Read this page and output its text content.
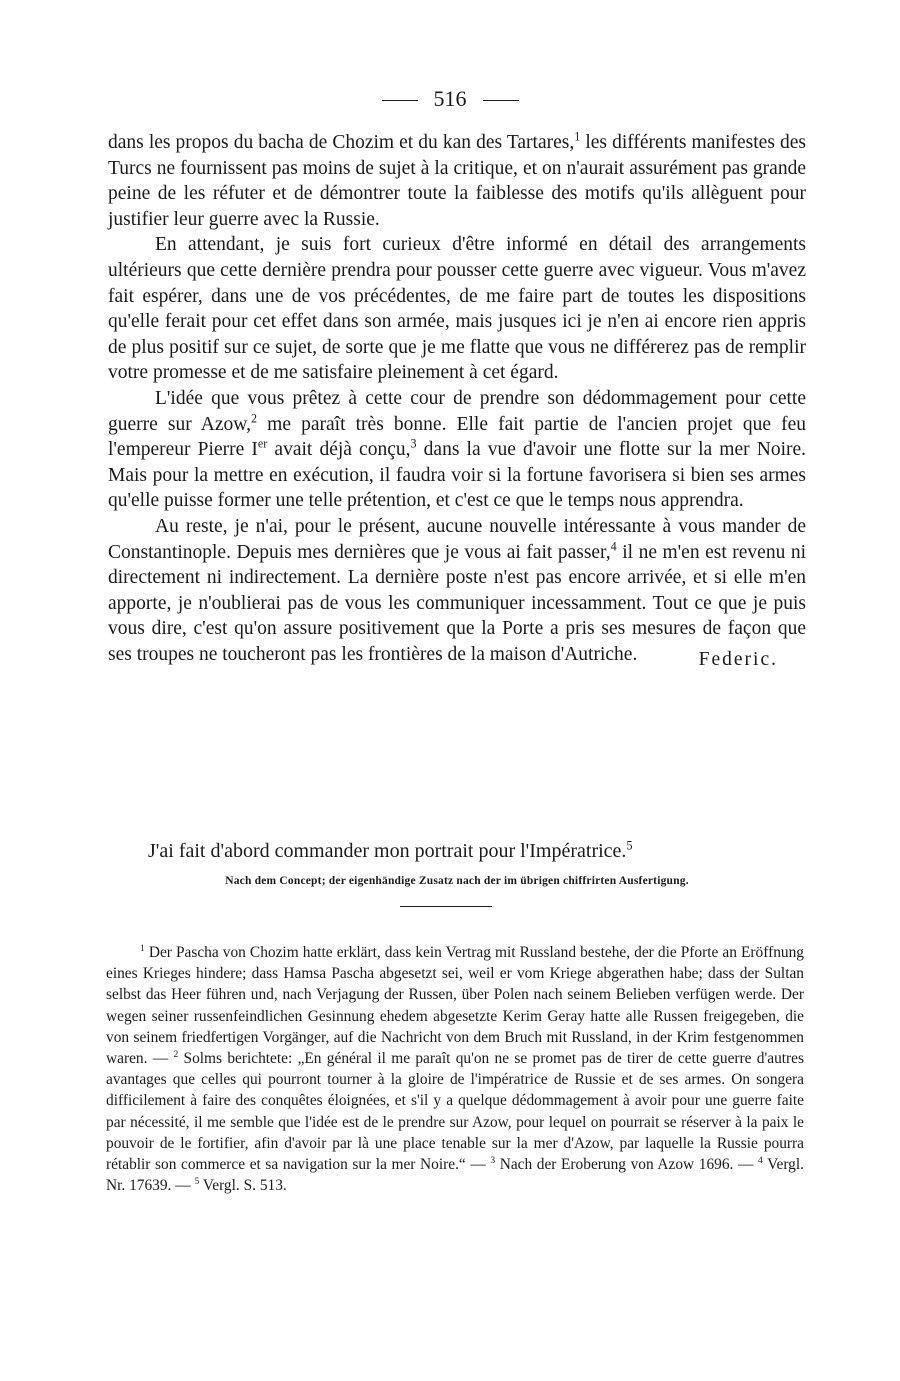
516

dans les propos du bacha de Chozim et du kan des Tartares,$^1$ les différents manifestes des Turcs ne fournissent pas moins de sujet à la critique, et on n'aurait assurément pas grande peine de les réfuter et de démontrer toute la faiblesse des motifs qu'ils allèguent pour justifier leur guerre avec la Russie.

En attendant, je suis fort curieux d'être informé en détail des arrangements ultérieurs que cette dernière prendra pour pousser cette guerre avec vigueur. Vous m'avez fait espérer, dans une de vos précédentes, de me faire part de toutes les dispositions qu'elle ferait pour cet effet dans son armée, mais jusques ici je n'en ai encore rien appris de plus positif sur ce sujet, de sorte que je me flatte que vous ne différerez pas de remplir votre promesse et de me satisfaire pleinement à cet égard.

L'idée que vous prêtez à cette cour de prendre son dédommagement pour cette guerre sur Azow,$^2$ me paraît très bonne. Elle fait partie de l'ancien projet que feu l'empereur Pierre Ier avait déjà conçu,$^3$ dans la vue d'avoir une flotte sur la mer Noire. Mais pour la mettre en exécution, il faudra voir si la fortune favorisera si bien ses armes qu'elle puisse former une telle prétention, et c'est ce que le temps nous apprendra.

Au reste, je n'ai, pour le présent, aucune nouvelle intéressante à vous mander de Constantinople. Depuis mes dernières que je vous ai fait passer,$^4$ il ne m'en est revenu ni directement ni indirectement. La dernière poste n'est pas encore arrivée, et si elle m'en apporte, je n'oublierai pas de vous les communiquer incessamment. Tout ce que je puis vous dire, c'est qu'on assure positivement que la Porte a pris ses mesures de façon que ses troupes ne toucheront pas les frontières de la maison d'Autriche.	Federic.
J'ai fait d'abord commander mon portrait pour l'Impératrice.$^5$
Nach dem Concept; der eigenhändige Zusatz nach der im übrigen chiffrirten Ausfertigung.

$^1$ Der Pascha von Chozim hatte erklärt, dass kein Vertrag mit Russland bestehe, der die Pforte an Eröffnung eines Krieges hindere; dass Hamsa Pascha abgesetzt sei, weil er vom Kriege abgerathen habe; dass der Sultan selbst das Heer führen und, nach Verjagung der Russen, über Polen nach seinem Belieben verfügen werde. Der wegen seiner russenfeindlichen Gesinnung ehedem abgesetzte Kerim Geray hatte alle Russen freigegeben, die von seinem friedfertigen Vorgänger, auf die Nachricht von dem Bruch mit Russland, in der Krim festgenommen waren. — $^2$ Solms berichtete: „En général il me paraît qu'on ne se promet pas de tirer de cette guerre d'autres avantages que celles qui pourront tourner à la gloire de l'impératrice de Russie et de ses armes. On songera difficilement à faire des conquêtes éloignées, et s'il y a quelque dédommagement à avoir pour une guerre faite par nécessité, il me semble que l'idée est de le prendre sur Azow, pour lequel on pourrait se réserver à la paix le pouvoir de le fortifier, afin d'avoir par là une place tenable sur la mer d'Azow, par laquelle la Russie pourra rétablir son commerce et sa navigation sur la mer Noire.“ — $^3$ Nach der Eroberung von Azow 1696. — $^4$ Vergl. Nr. 17639. — $^5$ Vergl. S. 513.
